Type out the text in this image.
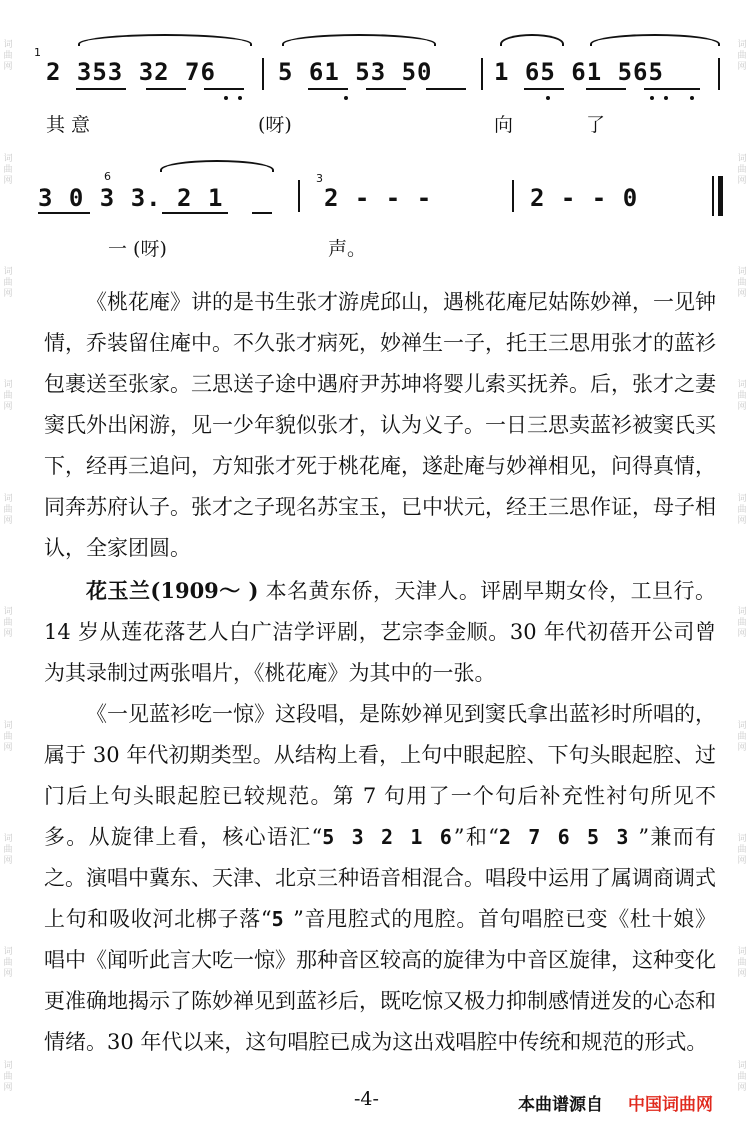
词
曲
网
词
曲
网
词
曲
网
词
曲
网
词
曲
网
词
曲
网
词
曲
网
词
曲
网
词
曲
网
词
曲
网
词
曲
网
词
曲
网
词
曲
网
词
曲
网
词
曲
网
词
曲
网
词
曲
网
词
曲
网
词
曲
网
词
曲
网
1
2 353 32 76	5 61 53 50	1 65 61 565
其 意	(呀)	向	了
6	3
3 0 3 3. 2 1	2 - - -	2 - - 0
一 (呀)	声。

《桃花庵》讲的是书生张才游虎邱山，遇桃花庵尼姑陈妙禅，一见钟情，乔装留住庵中。不久张才病死，妙禅生一子，托王三思用张才的蓝衫包裹送至张家。三思送子途中遇府尹苏坤将婴儿索买抚养。后，张才之妻窦氏外出闲游，见一少年貌似张才，认为义子。一日三思卖蓝衫被窦氏买下，经再三追问，方知张才死于桃花庵，遂赴庵与妙禅相见，问得真情，同奔苏府认子。张才之子现名苏宝玉，已中状元，经王三思作证，母子相认，全家团圆。

花玉兰(1909～ ) 本名黄东侨，天津人。评剧早期女伶，工旦行。14 岁从莲花落艺人白广洁学评剧，艺宗李金顺。30 年代初蓓开公司曾为其录制过两张唱片，《桃花庵》为其中的一张。

《一见蓝衫吃一惊》这段唱，是陈妙禅见到窦氏拿出蓝衫时所唱的，属于 30 年代初期类型。从结构上看，上句中眼起腔、下句头眼起腔、过门后上句头眼起腔已较规范。第 7 句用了一个句后补充性衬句所见不多。从旋律上看，核心语汇“5 3 2 1 6”和“2 7 6 5 3 ”兼而有之。演唱中冀东、天津、北京三种语音相混合。唱段中运用了属调商调式上句和吸收河北梆子落“5 ”音甩腔式的甩腔。首句唱腔已变《杜十娘》唱中《闻听此言大吃一惊》那种音区较高的旋律为中音区旋律，这种变化更准确地揭示了陈妙禅见到蓝衫后，既吃惊又极力抑制感情迸发的心态和情绪。30 年代以来，这句唱腔已成为这出戏唱腔中传统和规范的形式。

-4-	本曲谱源自 中国词曲网
